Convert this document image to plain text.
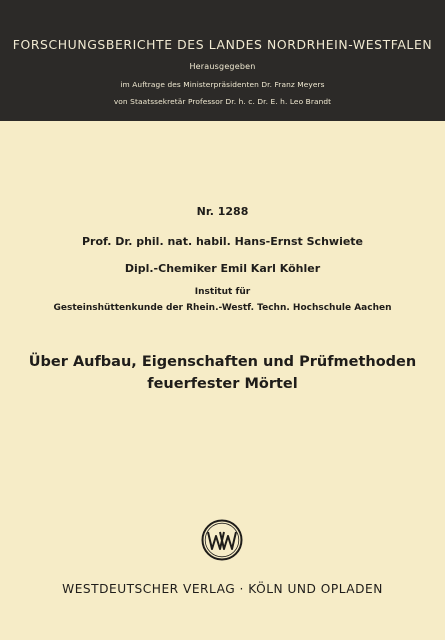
FORSCHUNGSBERICHTE DES LANDES NORDRHEIN-WESTFALEN
Herausgegeben
im Auftrage des Ministerpräsidenten Dr. Franz Meyers
von Staatssekretär Professor Dr. h. c. Dr. E. h. Leo Brandt
Nr. 1288
Prof. Dr. phil. nat. habil. Hans-Ernst Schwiete
Dipl.-Chemiker Emil Karl Köhler
Institut für
Gesteinshüttenkunde der Rhein.-Westf. Techn. Hochschule Aachen
Über Aufbau, Eigenschaften und Prüfmethoden
feuerfester Mörtel
WESTDEUTSCHER VERLAG · KÖLN UND OPLADEN
